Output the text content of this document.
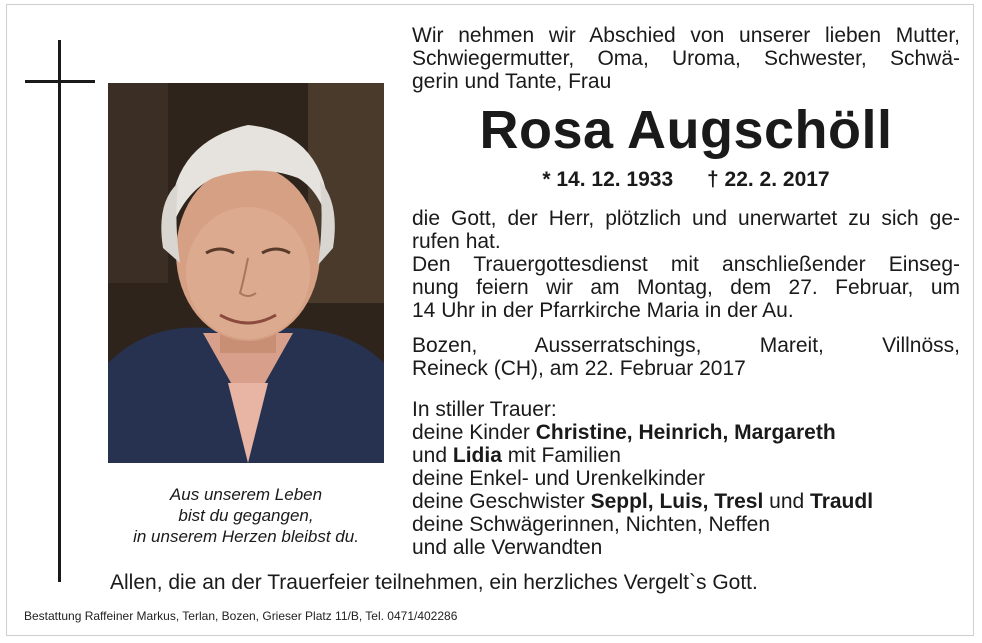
Aus unserem Leben
bist du gegangen,
in unserem Herzen bleibst du.
Wir nehmen wir Abschied von unserer lieben Mutter,
Schwiegermutter, Oma, Uroma, Schwester, Schwä-
gerin und Tante, Frau
Rosa Augschöll
* 14. 12. 1933 † 22. 2. 2017
die Gott, der Herr, plötzlich und unerwartet zu sich ge-
rufen hat.
Den Trauergottesdienst mit anschließender Einseg-
nung feiern wir am Montag, dem 27. Februar, um
14 Uhr in der Pfarrkirche Maria in der Au.
Bozen, Ausserratschings, Mareit, Villnöss,
Reineck (CH), am 22. Februar 2017
In stiller Trauer:
deine Kinder Christine, Heinrich, Margareth
und Lidia mit Familien
deine Enkel- und Urenkelkinder
deine Geschwister Seppl, Luis, Tresl und Traudl
deine Schwägerinnen, Nichten, Neffen
und alle Verwandten
Allen, die an der Trauerfeier teilnehmen, ein herzliches Vergelt`s Gott.
Bestattung Raffeiner Markus, Terlan, Bozen, Grieser Platz 11/B, Tel. 0471/402286
